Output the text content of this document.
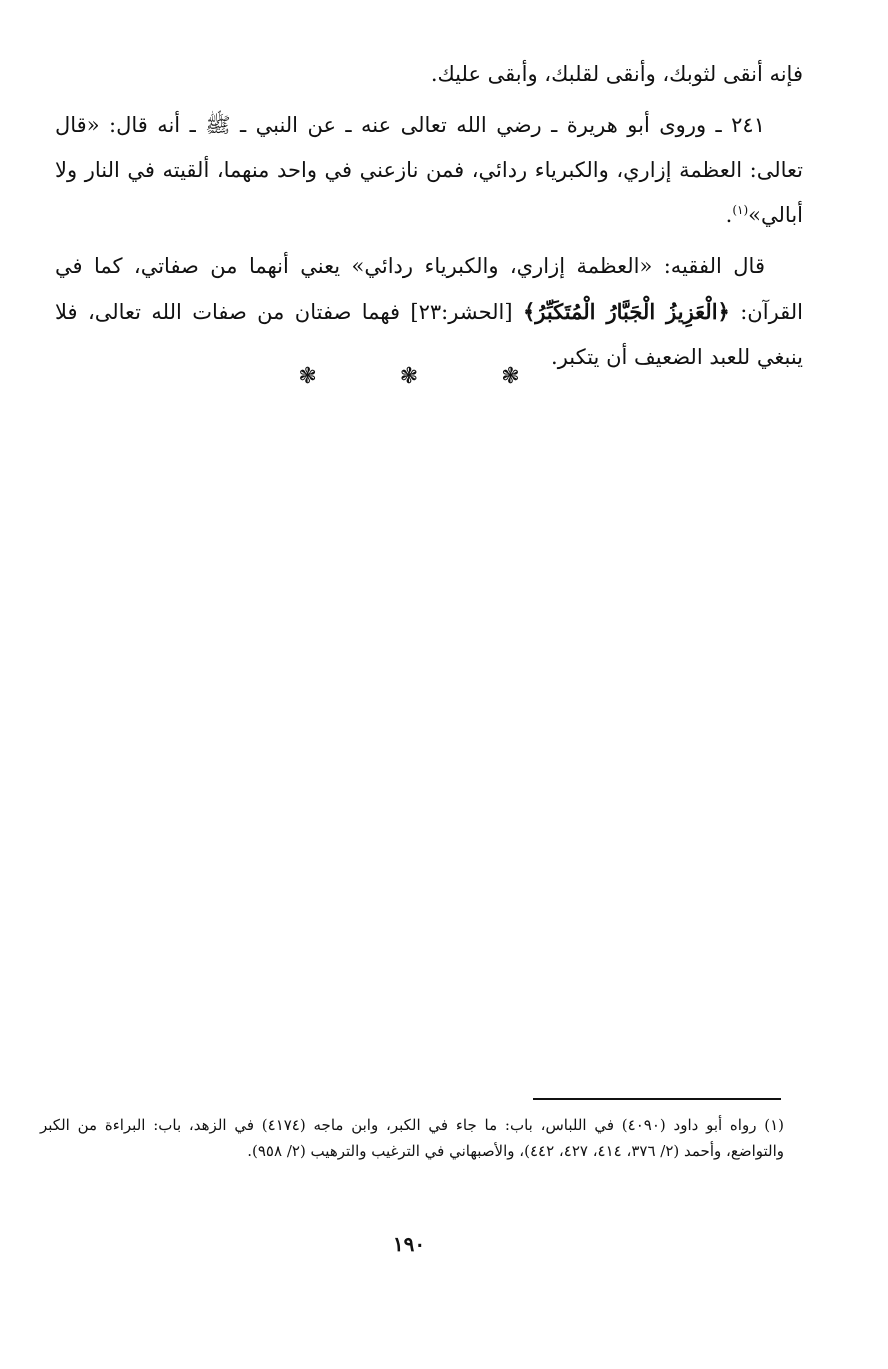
فإنه أنقى لثوبك، وأنقى لقلبك، وأبقى عليك.

٢٤١ ـ وروى أبو هريرة ـ رضي الله تعالى عنه ـ عن النبي ـ ﷺ ـ أنه قال: «قال تعالى: العظمة إزاري، والكبرياء ردائي، فمن نازعني في واحد منهما، ألقيته في النار ولا أبالي»$^{(١)}$.

قال الفقيه: «العظمة إزاري، والكبرياء ردائي» يعني أنهما من صفاتي، كما في القرآن: ﴿الْعَزِيزُ الْجَبَّارُ الْمُتَكَبِّرُ﴾ [الحشر:٢٣] فهما صفتان من صفات الله تعالى، فلا ينبغي للعبد الضعيف أن يتكبر.

❃ ❃ ❃
(١) رواه أبو داود (٤٠٩٠) في اللباس، باب: ما جاء في الكبر، وابن ماجه (٤١٧٤) في الزهد، باب: البراءة من الكبر والتواضع، وأحمد (٢/ ٣٧٦، ٤١٤، ٤٢٧، ٤٤٢)، والأصبهاني في الترغيب والترهيب (٢/ ٩٥٨).
١٩٠
